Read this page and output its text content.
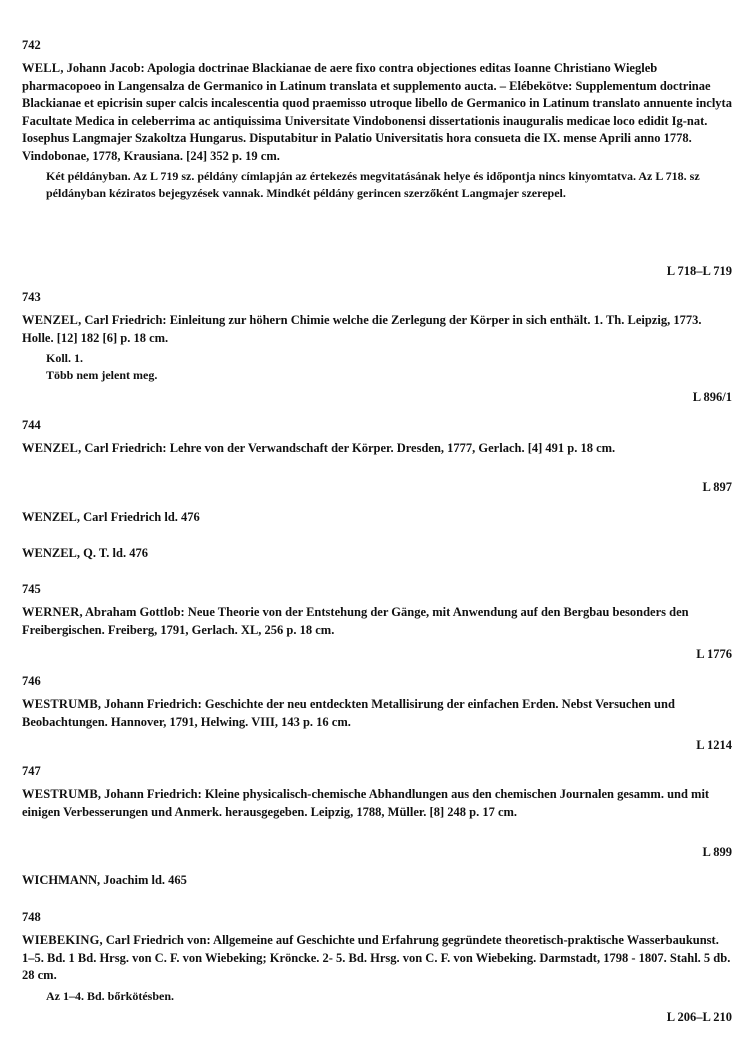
742
WELL, Johann Jacob: Apologia doctrinae Blackianae de aere fixo contra objectiones editas Ioanne Christiano Wiegleb pharmacopoeo in Langensalza de Germanico in Latinum translata et supplemento aucta. – Elébekötve: Supplementum doctrinae Blackianae et epicrisin super calcis incalescentia quod praemisso utroque libello de Germanico in Latinum translato annuente inclyta Facultate Medica in celeberrima ac antiquissima Universitate Vindobonensi dissertationis inauguralis medicae loco edidit Ig-nat. Iosephus Langmajer Szakoltza Hungarus. Disputabitur in Palatio Universitatis hora consueta die IX. mense Aprili anno 1778. Vindobonae, 1778, Krausiana. [24] 352 p. 19 cm.
Két példányban. Az L 719 sz. példány címlapján az értekezés megvitatásának helye és időpontja nincs kinyomtatva. Az L 718. sz példányban kéziratos bejegyzések vannak. Mindkét példány gerincen szerzőként Langmajer szerepel.
L 718–L 719
743
WENZEL, Carl Friedrich: Einleitung zur höhern Chimie welche die Zerlegung der Körper in sich enthält. 1. Th. Leipzig, 1773. Holle. [12] 182 [6] p. 18 cm.
Koll. 1.
Több nem jelent meg.
L 896/1
744
WENZEL, Carl Friedrich: Lehre von der Verwandschaft der Körper. Dresden, 1777, Gerlach. [4] 491 p. 18 cm.
L 897
WENZEL, Carl Friedrich ld. 476
WENZEL, Q. T. ld. 476
745
WERNER, Abraham Gottlob: Neue Theorie von der Entstehung der Gänge, mit Anwendung auf den Bergbau besonders den Freibergischen. Freiberg, 1791, Gerlach. XL, 256 p. 18 cm.
L 1776
746
WESTRUMB, Johann Friedrich: Geschichte der neu entdeckten Metallisirung der einfachen Erden. Nebst Versuchen und Beobachtungen. Hannover, 1791, Helwing. VIII, 143 p. 16 cm.
L 1214
747
WESTRUMB, Johann Friedrich: Kleine physicalisch-chemische Abhandlungen aus den chemischen Journalen gesamm. und mit einigen Verbesserungen und Anmerk. herausgegeben. Leipzig, 1788, Müller. [8] 248 p. 17 cm.
L 899
WICHMANN, Joachim ld. 465
748
WIEBEKING, Carl Friedrich von: Allgemeine auf Geschichte und Erfahrung gegründete theoretisch-praktische Wasserbaukunst. 1–5. Bd. 1 Bd. Hrsg. von C. F. von Wiebeking; Kröncke. 2- 5. Bd. Hrsg. von C. F. von Wiebeking. Darmstadt, 1798 - 1807. Stahl. 5 db. 28 cm.
Az 1–4. Bd. bőrkötésben.
L 206–L 210
